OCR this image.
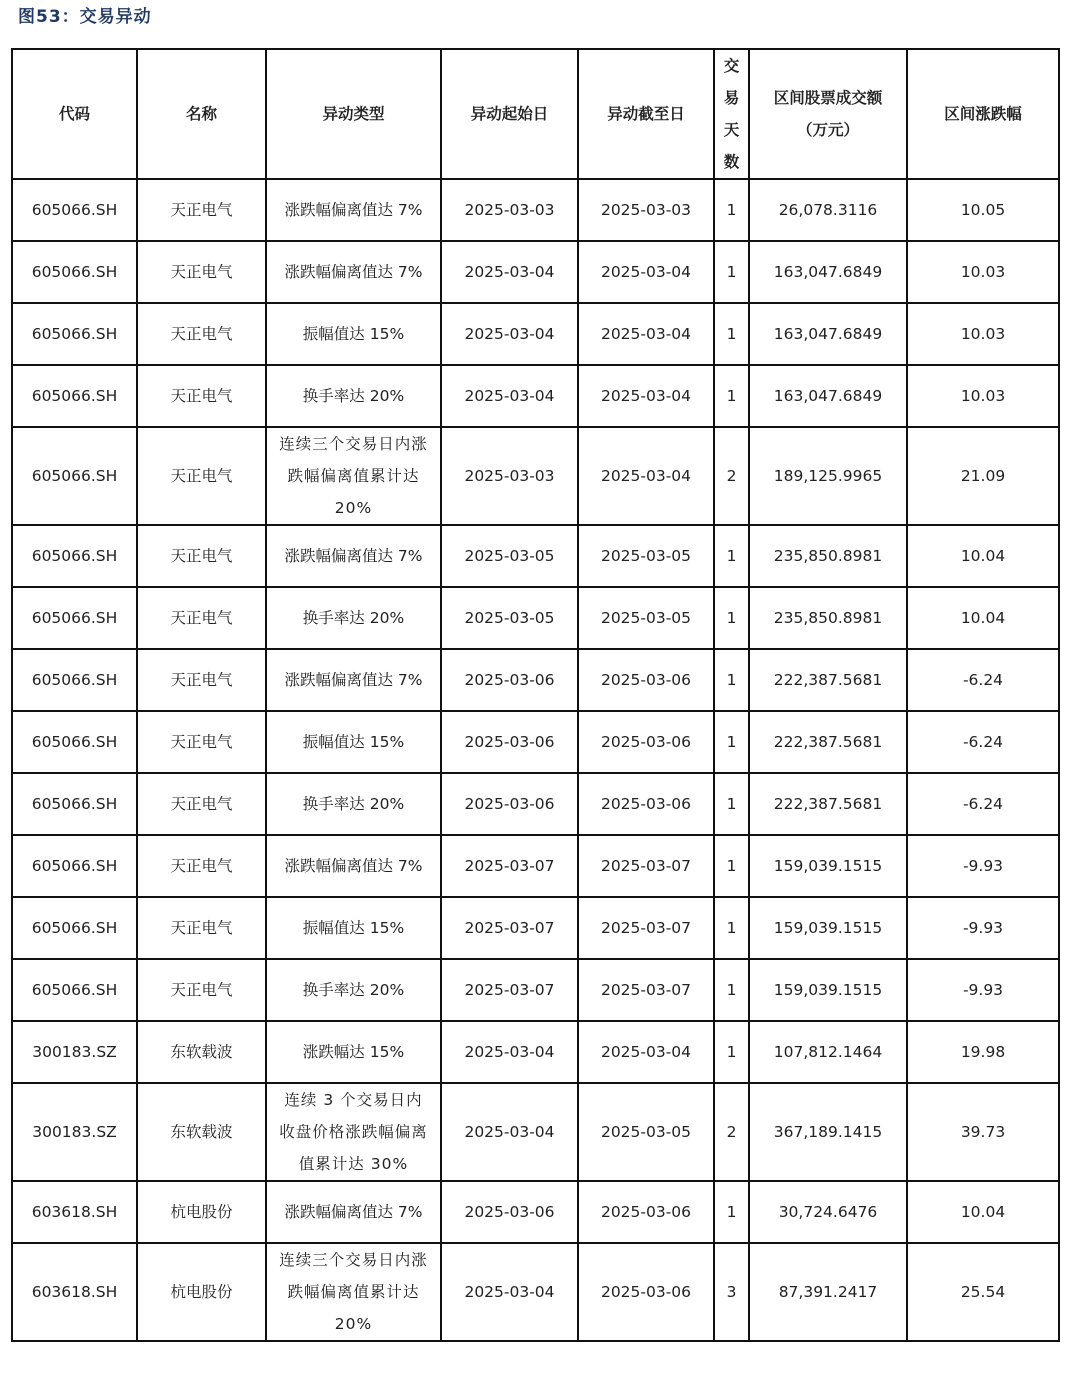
图53：交易异动
代码	名称	异动类型	异动起始日	异动截至日	交易天数	区间股票成交额（万元）	区间涨跌幅
605066.SH	天正电气	涨跌幅偏离值达 7%	2025-03-03	2025-03-03	1	26,078.3116	10.05
605066.SH	天正电气	涨跌幅偏离值达 7%	2025-03-04	2025-03-04	1	163,047.6849	10.03
605066.SH	天正电气	振幅值达 15%	2025-03-04	2025-03-04	1	163,047.6849	10.03
605066.SH	天正电气	换手率达 20%	2025-03-04	2025-03-04	1	163,047.6849	10.03
605066.SH	天正电气	连续三个交易日内涨跌幅偏离值累计达 20%	2025-03-03	2025-03-04	2	189,125.9965	21.09
605066.SH	天正电气	涨跌幅偏离值达 7%	2025-03-05	2025-03-05	1	235,850.8981	10.04
605066.SH	天正电气	换手率达 20%	2025-03-05	2025-03-05	1	235,850.8981	10.04
605066.SH	天正电气	涨跌幅偏离值达 7%	2025-03-06	2025-03-06	1	222,387.5681	-6.24
605066.SH	天正电气	振幅值达 15%	2025-03-06	2025-03-06	1	222,387.5681	-6.24
605066.SH	天正电气	换手率达 20%	2025-03-06	2025-03-06	1	222,387.5681	-6.24
605066.SH	天正电气	涨跌幅偏离值达 7%	2025-03-07	2025-03-07	1	159,039.1515	-9.93
605066.SH	天正电气	振幅值达 15%	2025-03-07	2025-03-07	1	159,039.1515	-9.93
605066.SH	天正电气	换手率达 20%	2025-03-07	2025-03-07	1	159,039.1515	-9.93
300183.SZ	东软载波	涨跌幅达 15%	2025-03-04	2025-03-04	1	107,812.1464	19.98
300183.SZ	东软载波	连续 3 个交易日内收盘价格涨跌幅偏离值累计达 30%	2025-03-04	2025-03-05	2	367,189.1415	39.73
603618.SH	杭电股份	涨跌幅偏离值达 7%	2025-03-06	2025-03-06	1	30,724.6476	10.04
603618.SH	杭电股份	连续三个交易日内涨跌幅偏离值累计达 20%	2025-03-04	2025-03-06	3	87,391.2417	25.54
